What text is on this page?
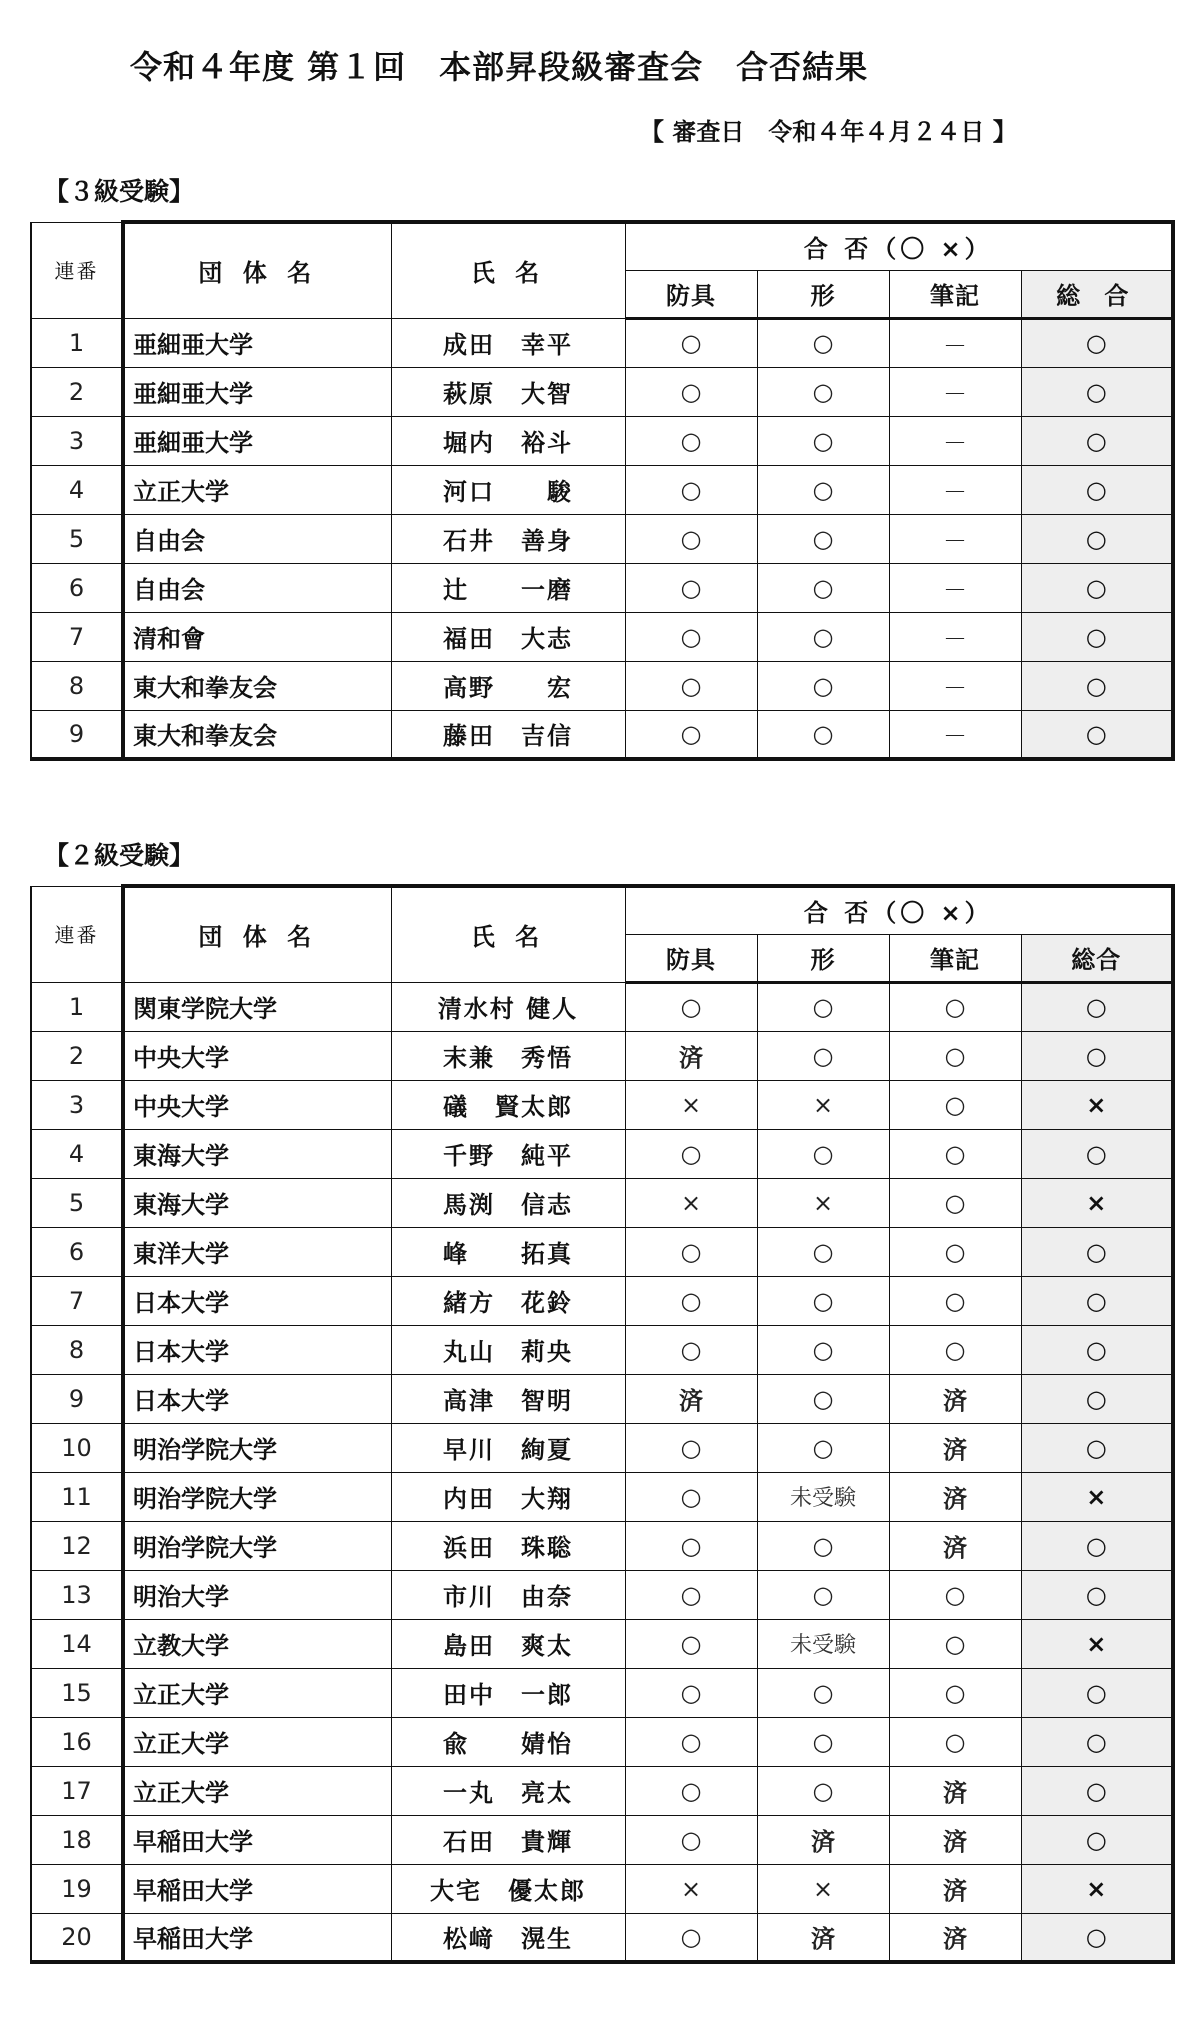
令和４年度 第１回　本部昇段級審査会　合否結果
【 審査日　令和４年４月２４日 】
【３級受験】
連番	団 体 名	氏 名	合 否（〇 ×）			
			防具	形	筆記	総 合
1	亜細亜大学	成田　幸平	○	○	－	○
2	亜細亜大学	萩原　大智	○	○	－	○
3	亜細亜大学	堀内　裕斗	○	○	－	○
4	立正大学	河口　　駿	○	○	－	○
5	自由会	石井　善身	○	○	－	○
6	自由会	辻　　一磨	○	○	－	○
7	清和會	福田　大志	○	○	－	○
8	東大和拳友会	高野　　宏	○	○	－	○
9	東大和拳友会	藤田　吉信	○	○	－	○
【２級受験】
連番	団 体 名	氏 名	合 否（〇 ×）			
			防具	形	筆記	総合
1	関東学院大学	清水村 健人	○	○	○	○
2	中央大学	末兼　秀悟	済	○	○	○
3	中央大学	礒　賢太郎	×	×	○	×
4	東海大学	千野　純平	○	○	○	○
5	東海大学	馬渕　信志	×	×	○	×
6	東洋大学	峰　　拓真	○	○	○	○
7	日本大学	緒方　花鈴	○	○	○	○
8	日本大学	丸山　莉央	○	○	○	○
9	日本大学	高津　智明	済	○	済	○
10	明治学院大学	早川　絢夏	○	○	済	○
11	明治学院大学	内田　大翔	○	未受験	済	×
12	明治学院大学	浜田　珠聡	○	○	済	○
13	明治大学	市川　由奈	○	○	○	○
14	立教大学	島田　爽太	○	未受験	○	×
15	立正大学	田中　一郎	○	○	○	○
16	立正大学	兪　　婧怡	○	○	○	○
17	立正大学	一丸　亮太	○	○	済	○
18	早稲田大学	石田　貴輝	○	済	済	○
19	早稲田大学	大宅　優太郎	×	×	済	×
20	早稲田大学	松﨑　滉生	○	済	済	○
